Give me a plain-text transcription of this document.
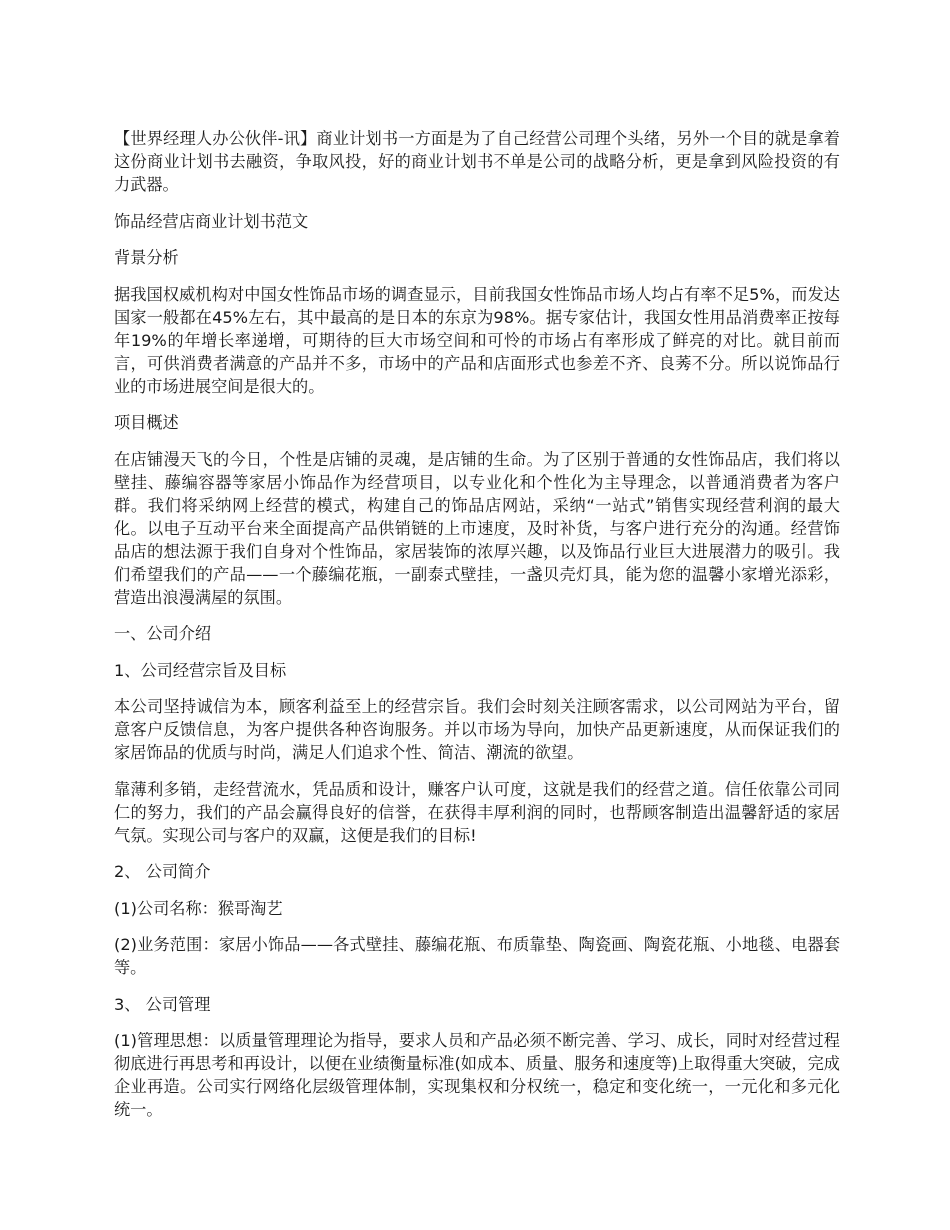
【世界经理人办公伙伴-讯】商业计划书一方面是为了自己经营公司理个头绪，另外一个目的就是拿着这份商业计划书去融资，争取风投，好的商业计划书不单是公司的战略分析，更是拿到风险投资的有力武器。

饰品经营店商业计划书范文

背景分析

据我国权威机构对中国女性饰品市场的调查显示，目前我国女性饰品市场人均占有率不足5%，而发达国家一般都在45%左右，其中最高的是日本的东京为98%。据专家估计，我国女性用品消费率正按每年19%的年增长率递增，可期待的巨大市场空间和可怜的市场占有率形成了鲜亮的对比。就目前而言，可供消费者满意的产品并不多，市场中的产品和店面形式也参差不齐、良莠不分。所以说饰品行业的市场进展空间是很大的。

项目概述

在店铺漫天飞的今日，个性是店铺的灵魂，是店铺的生命。为了区别于普通的女性饰品店，我们将以壁挂、藤编容器等家居小饰品作为经营项目，以专业化和个性化为主导理念，以普通消费者为客户群。我们将采纳网上经营的模式，构建自己的饰品店网站，采纳“一站式”销售实现经营利润的最大化。以电子互动平台来全面提高产品供销链的上市速度，及时补货，与客户进行充分的沟通。经营饰品店的想法源于我们自身对个性饰品，家居装饰的浓厚兴趣，以及饰品行业巨大进展潜力的吸引。我们希望我们的产品——一个藤编花瓶，一副泰式壁挂，一盏贝壳灯具，能为您的温馨小家增光添彩，营造出浪漫满屋的氛围。

一、公司介绍

1、公司经营宗旨及目标

本公司坚持诚信为本，顾客利益至上的经营宗旨。我们会时刻关注顾客需求，以公司网站为平台，留意客户反馈信息，为客户提供各种咨询服务。并以市场为导向，加快产品更新速度，从而保证我们的家居饰品的优质与时尚，满足人们追求个性、简洁、潮流的欲望。

靠薄利多销，走经营流水，凭品质和设计，赚客户认可度，这就是我们的经营之道。信任依靠公司同仁的努力，我们的产品会赢得良好的信誉，在获得丰厚利润的同时，也帮顾客制造出温馨舒适的家居气氛。实现公司与客户的双赢，这便是我们的目标!

2、 公司简介

(1)公司名称：猴哥淘艺

(2)业务范围：家居小饰品——各式壁挂、藤编花瓶、布质靠垫、陶瓷画、陶瓷花瓶、小地毯、电器套等。

3、 公司管理

(1)管理思想：以质量管理理论为指导，要求人员和产品必须不断完善、学习、成长，同时对经营过程彻底进行再思考和再设计，以便在业绩衡量标准(如成本、质量、服务和速度等)上取得重大突破，完成企业再造。公司实行网络化层级管理体制，实现集权和分权统一，稳定和变化统一，一元化和多元化统一。
